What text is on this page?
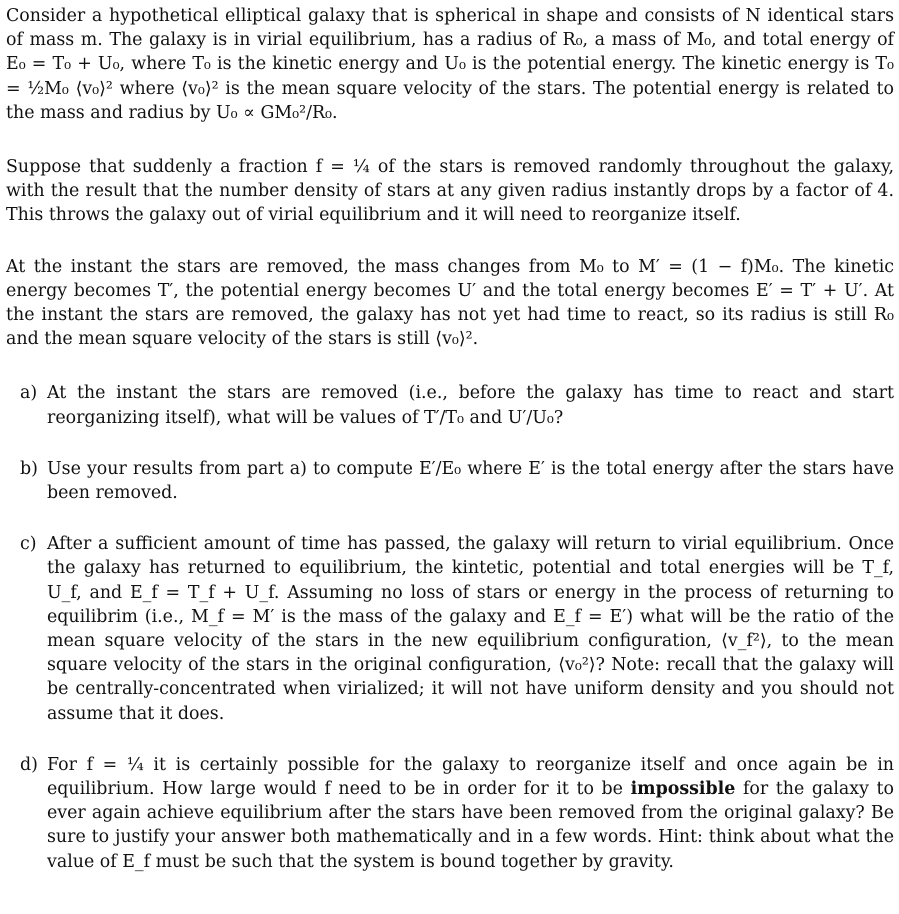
Consider a hypothetical elliptical galaxy that is spherical in shape and consists of N identical stars of mass m. The galaxy is in virial equilibrium, has a radius of R₀, a mass of M₀, and total energy of E₀ = T₀ + U₀, where T₀ is the kinetic energy and U₀ is the potential energy. The kinetic energy is T₀ = ½M₀ ⟨v₀⟩² where ⟨v₀⟩² is the mean square velocity of the stars. The potential energy is related to the mass and radius by U₀ ∝ GM₀²/R₀.

Suppose that suddenly a fraction f = ¼ of the stars is removed randomly throughout the galaxy, with the result that the number density of stars at any given radius instantly drops by a factor of 4. This throws the galaxy out of virial equilibrium and it will need to reorganize itself.

At the instant the stars are removed, the mass changes from M₀ to M′ = (1 − f)M₀. The kinetic energy becomes T′, the potential energy becomes U′ and the total energy becomes E′ = T′ + U′. At the instant the stars are removed, the galaxy has not yet had time to react, so its radius is still R₀ and the mean square velocity of the stars is still ⟨v₀⟩².

a) At the instant the stars are removed (i.e., before the galaxy has time to react and start reorganizing itself), what will be values of T′/T₀ and U′/U₀?
b) Use your results from part a) to compute E′/E₀ where E′ is the total energy after the stars have been removed.
c) After a sufficient amount of time has passed, the galaxy will return to virial equilibrium. Once the galaxy has returned to equilibrium, the kintetic, potential and total energies will be T_f, U_f, and E_f = T_f + U_f. Assuming no loss of stars or energy in the process of returning to equilibrim (i.e., M_f = M′ is the mass of the galaxy and E_f = E′) what will be the ratio of the mean square velocity of the stars in the new equilibrium configuration, ⟨v_f²⟩, to the mean square velocity of the stars in the original configuration, ⟨v₀²⟩? Note: recall that the galaxy will be centrally-concentrated when virialized; it will not have uniform density and you should not assume that it does.
d) For f = ¼ it is certainly possible for the galaxy to reorganize itself and once again be in equilibrium. How large would f need to be in order for it to be impossible for the galaxy to ever again achieve equilibrium after the stars have been removed from the original galaxy? Be sure to justify your answer both mathematically and in a few words. Hint: think about what the value of E_f must be such that the system is bound together by gravity.
